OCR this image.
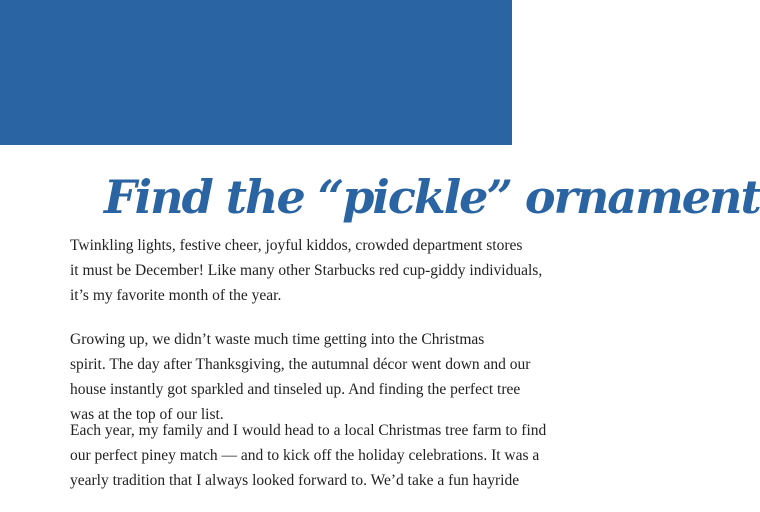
Find the “pickle” ornament

Twinkling lights, festive cheer, joyful kiddos, crowded department stores
it must be December! Like many other Starbucks red cup-giddy individuals,
it’s my favorite month of the year.

Growing up, we didn’t waste much time getting into the Christmas
spirit. The day after Thanksgiving, the autumnal décor went down and our
house instantly got sparkled and tinseled up. And finding the perfect tree
was at the top of our list.

Each year, my family and I would head to a local Christmas tree farm to find
our perfect piney match — and to kick off the holiday celebrations. It was a
yearly tradition that I always looked forward to. We’d take a fun hayride
